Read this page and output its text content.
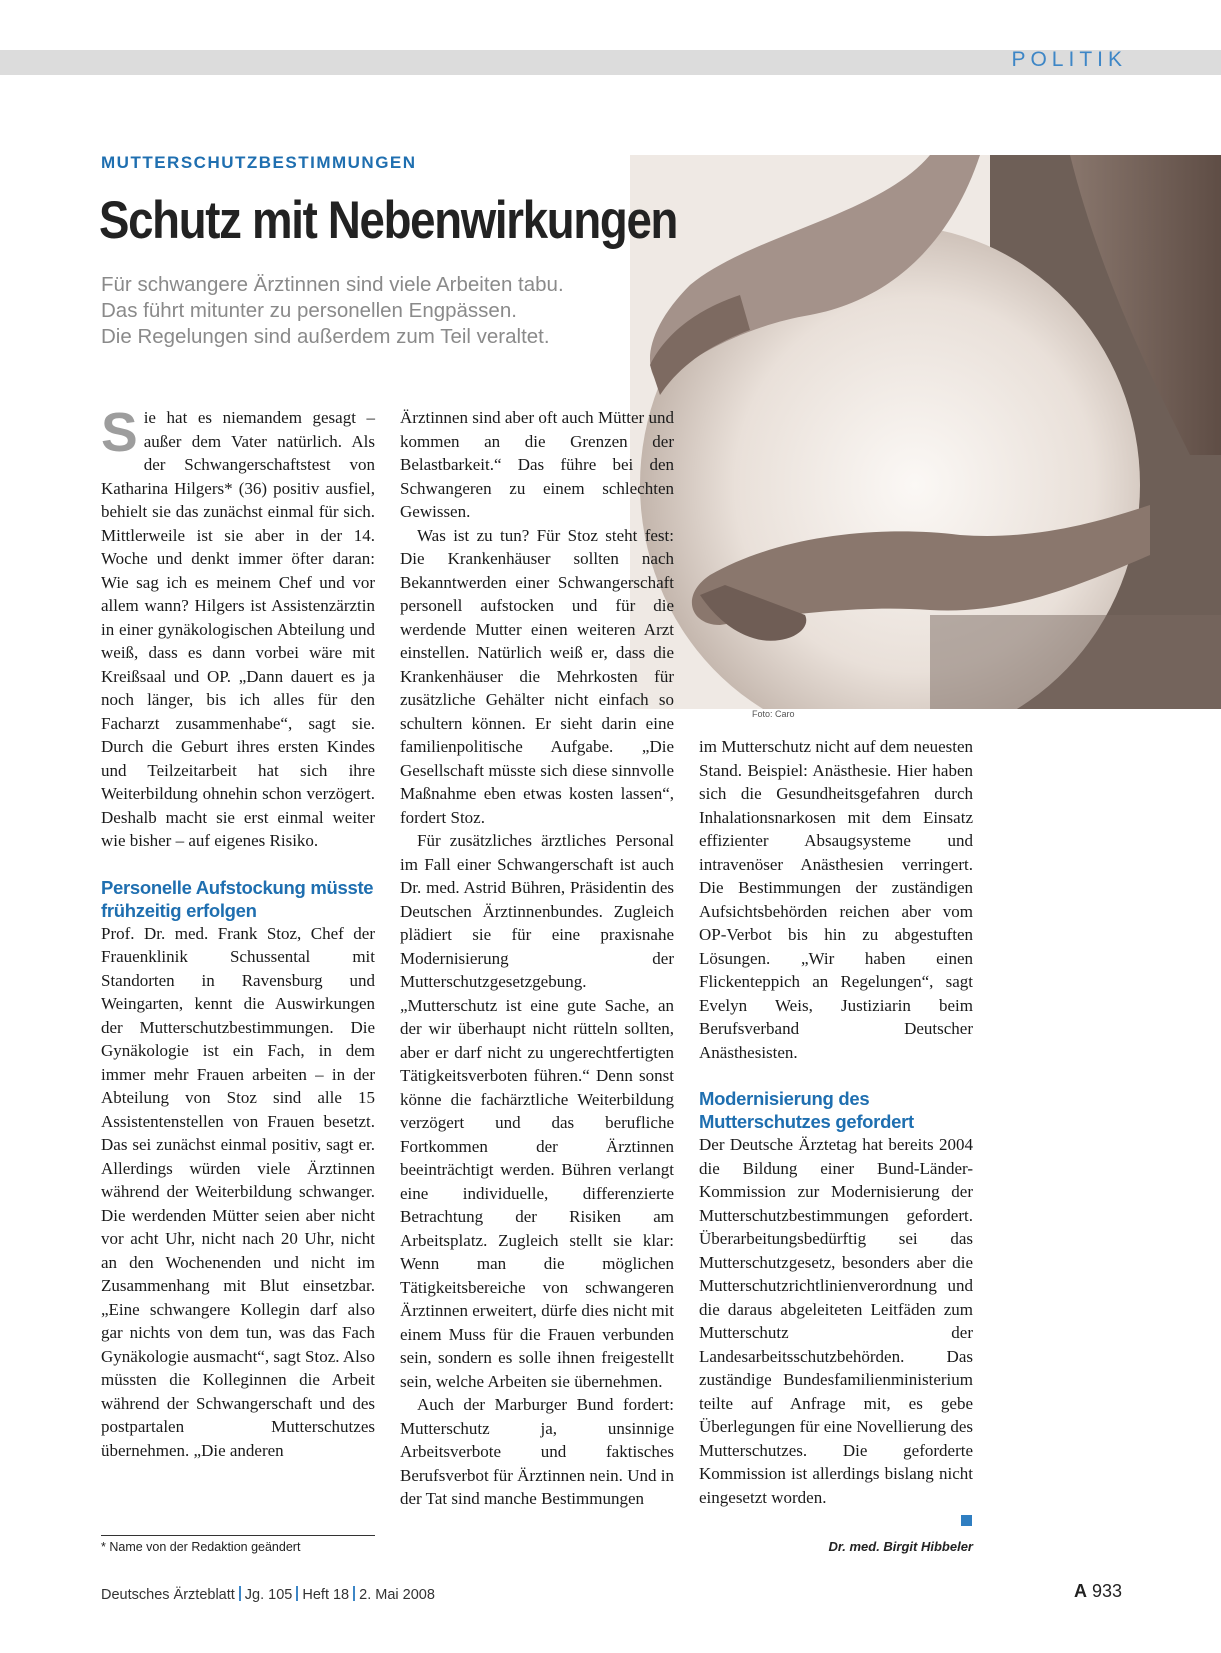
POLITIK
Foto: Caro
MUTTERSCHUTZBESTIMMUNGEN
Schutz mit Nebenwirkungen
Für schwangere Ärztinnen sind viele Arbeiten tabu.
Das führt mitunter zu personellen Engpässen.
Die Regelungen sind außerdem zum Teil veraltet.

Sie hat es niemandem gesagt – außer dem Vater natürlich. Als der Schwangerschaftstest von Katharina Hilgers* (36) positiv ausfiel, behielt sie das zunächst einmal für sich. Mittlerweile ist sie aber in der 14. Woche und denkt immer öfter daran: Wie sag ich es meinem Chef und vor allem wann? Hilgers ist Assistenzärztin in einer gynäkologischen Abteilung und weiß, dass es dann vorbei wäre mit Kreißsaal und OP. „Dann dauert es ja noch länger, bis ich alles für den Facharzt zusammenhabe“, sagt sie. Durch die Geburt ihres ersten Kindes und Teilzeitarbeit hat sich ihre Weiterbildung ohnehin schon verzögert. Deshalb macht sie erst einmal weiter wie bisher – auf eigenes Risiko.

Personelle Aufstockung müsste frühzeitig erfolgen

Prof. Dr. med. Frank Stoz, Chef der Frauenklinik Schussental mit Standorten in Ravensburg und Weingarten, kennt die Auswirkungen der Mutterschutzbestimmungen. Die Gynäkologie ist ein Fach, in dem immer mehr Frauen arbeiten – in der Abteilung von Stoz sind alle 15 Assistentenstellen von Frauen besetzt. Das sei zunächst einmal positiv, sagt er. Allerdings würden viele Ärztinnen während der Weiterbildung schwanger. Die werdenden Mütter seien aber nicht vor acht Uhr, nicht nach 20 Uhr, nicht an den Wochenenden und nicht im Zusammenhang mit Blut einsetzbar. „Eine schwangere Kollegin darf also gar nichts von dem tun, was das Fach Gynäkologie ausmacht“, sagt Stoz. Also müssten die Kolleginnen die Arbeit während der Schwangerschaft und des postpartalen Mutterschutzes übernehmen. „Die anderen

Ärztinnen sind aber oft auch Mütter und kommen an die Grenzen der Belastbarkeit.“ Das führe bei den Schwangeren zu einem schlechten Gewissen.

Was ist zu tun? Für Stoz steht fest: Die Krankenhäuser sollten nach Bekanntwerden einer Schwangerschaft personell aufstocken und für die werdende Mutter einen weiteren Arzt einstellen. Natürlich weiß er, dass die Krankenhäuser die Mehrkosten für zusätzliche Gehälter nicht einfach so schultern können. Er sieht darin eine familienpolitische Aufgabe. „Die Gesellschaft müsste sich diese sinnvolle Maßnahme eben etwas kosten lassen“, fordert Stoz.

Für zusätzliches ärztliches Personal im Fall einer Schwangerschaft ist auch Dr. med. Astrid Bühren, Präsidentin des Deutschen Ärztinnenbundes. Zugleich plädiert sie für eine praxisnahe Modernisierung der Mutterschutzgesetzgebung. „Mutterschutz ist eine gute Sache, an der wir überhaupt nicht rütteln sollten, aber er darf nicht zu ungerechtfertigten Tätigkeitsverboten führen.“ Denn sonst könne die fachärztliche Weiterbildung verzögert und das berufliche Fortkommen der Ärztinnen beeinträchtigt werden. Bühren verlangt eine individuelle, differenzierte Betrachtung der Risiken am Arbeitsplatz. Zugleich stellt sie klar: Wenn man die möglichen Tätigkeitsbereiche von schwangeren Ärztinnen erweitert, dürfe dies nicht mit einem Muss für die Frauen verbunden sein, sondern es solle ihnen freigestellt sein, welche Arbeiten sie übernehmen.

Auch der Marburger Bund fordert: Mutterschutz ja, unsinnige Arbeitsverbote und faktisches Berufsverbot für Ärztinnen nein. Und in der Tat sind manche Bestimmungen

im Mutterschutz nicht auf dem neuesten Stand. Beispiel: Anästhesie. Hier haben sich die Gesundheitsgefahren durch Inhalationsnarkosen mit dem Einsatz effizienter Absaugsysteme und intravenöser Anästhesien verringert. Die Bestimmungen der zuständigen Aufsichtsbehörden reichen aber vom OP-Verbot bis hin zu abgestuften Lösungen. „Wir haben einen Flickenteppich an Regelungen“, sagt Evelyn Weis, Justiziarin beim Berufsverband Deutscher Anästhesisten.

Modernisierung des Mutterschutzes gefordert

Der Deutsche Ärztetag hat bereits 2004 die Bildung einer Bund-Länder-Kommission zur Modernisierung der Mutterschutzbestimmungen gefordert. Überarbeitungsbedürftig sei das Mutterschutzgesetz, besonders aber die Mutterschutzrichtlinienverordnung und die daraus abgeleiteten Leitfäden zum Mutterschutz der Landesarbeitsschutzbehörden. Das zuständige Bundesfamilienministerium teilte auf Anfrage mit, es gebe Überlegungen für eine Novellierung des Mutterschutzes. Die geforderte Kommission ist allerdings bislang nicht eingesetzt worden.

Dr. med. Birgit Hibbeler
* Name von der Redaktion geändert
Deutsches Ärzteblatt Jg. 105 Heft 18 2. Mai 2008	A 933
